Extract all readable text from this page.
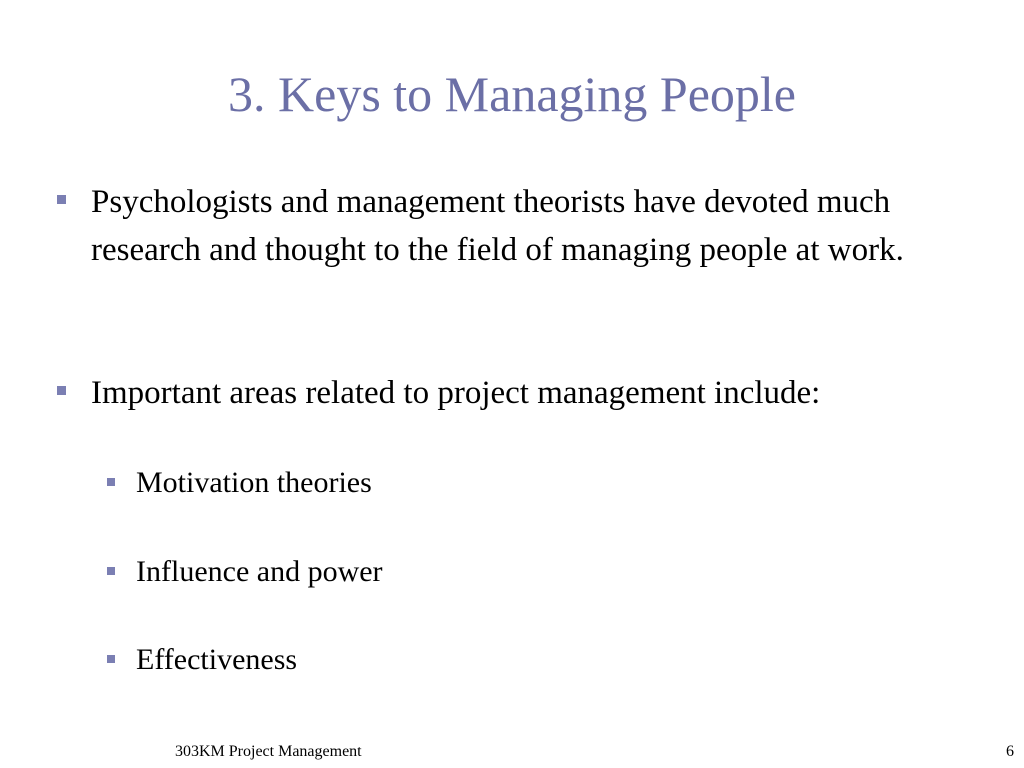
3. Keys to Managing People
Psychologists and management theorists have devoted much research and thought to the field of managing people at work.
Important areas related to project management include:
Motivation theories
Influence and power
Effectiveness
303KM Project Management	6
